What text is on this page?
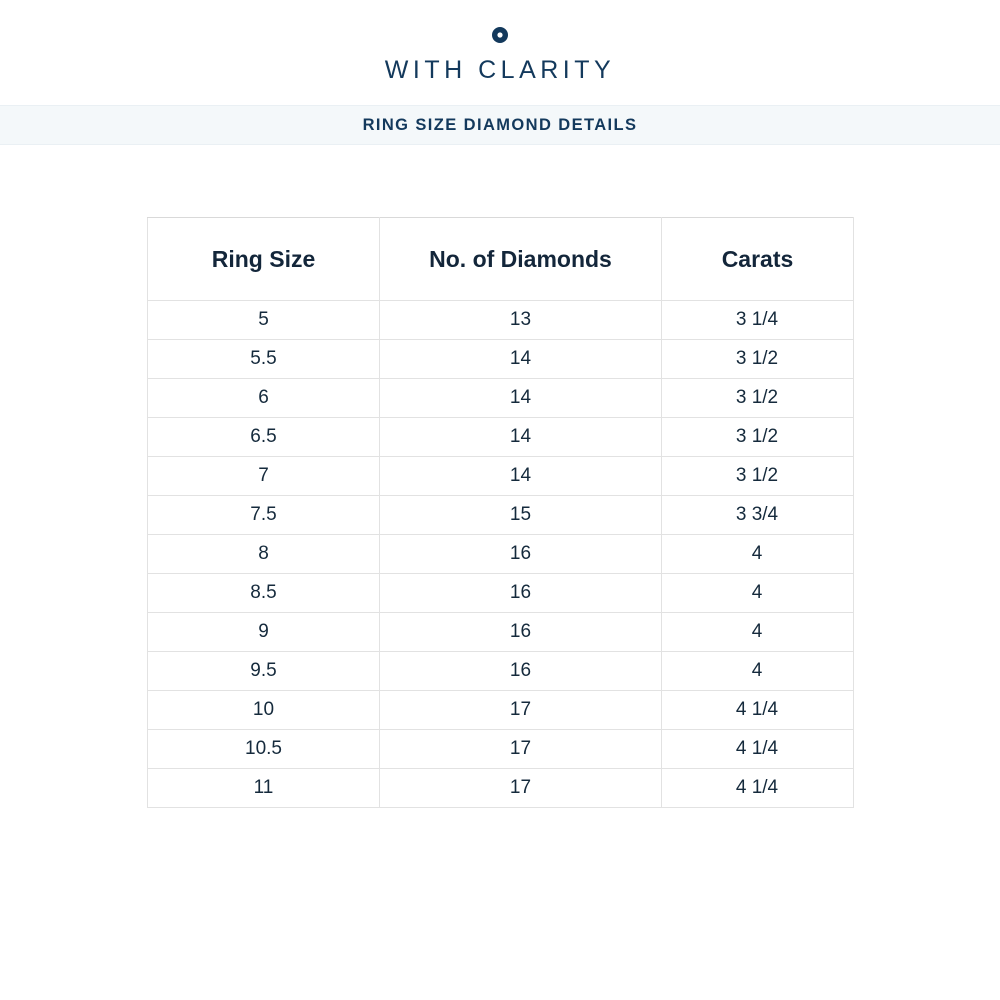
WITH CLARITY
RING SIZE DIAMOND DETAILS
Ring Size	No. of Diamonds	Carats
5	13	3 1/4
5.5	14	3 1/2
6	14	3 1/2
6.5	14	3 1/2
7	14	3 1/2
7.5	15	3 3/4
8	16	4
8.5	16	4
9	16	4
9.5	16	4
10	17	4 1/4
10.5	17	4 1/4
11	17	4 1/4
